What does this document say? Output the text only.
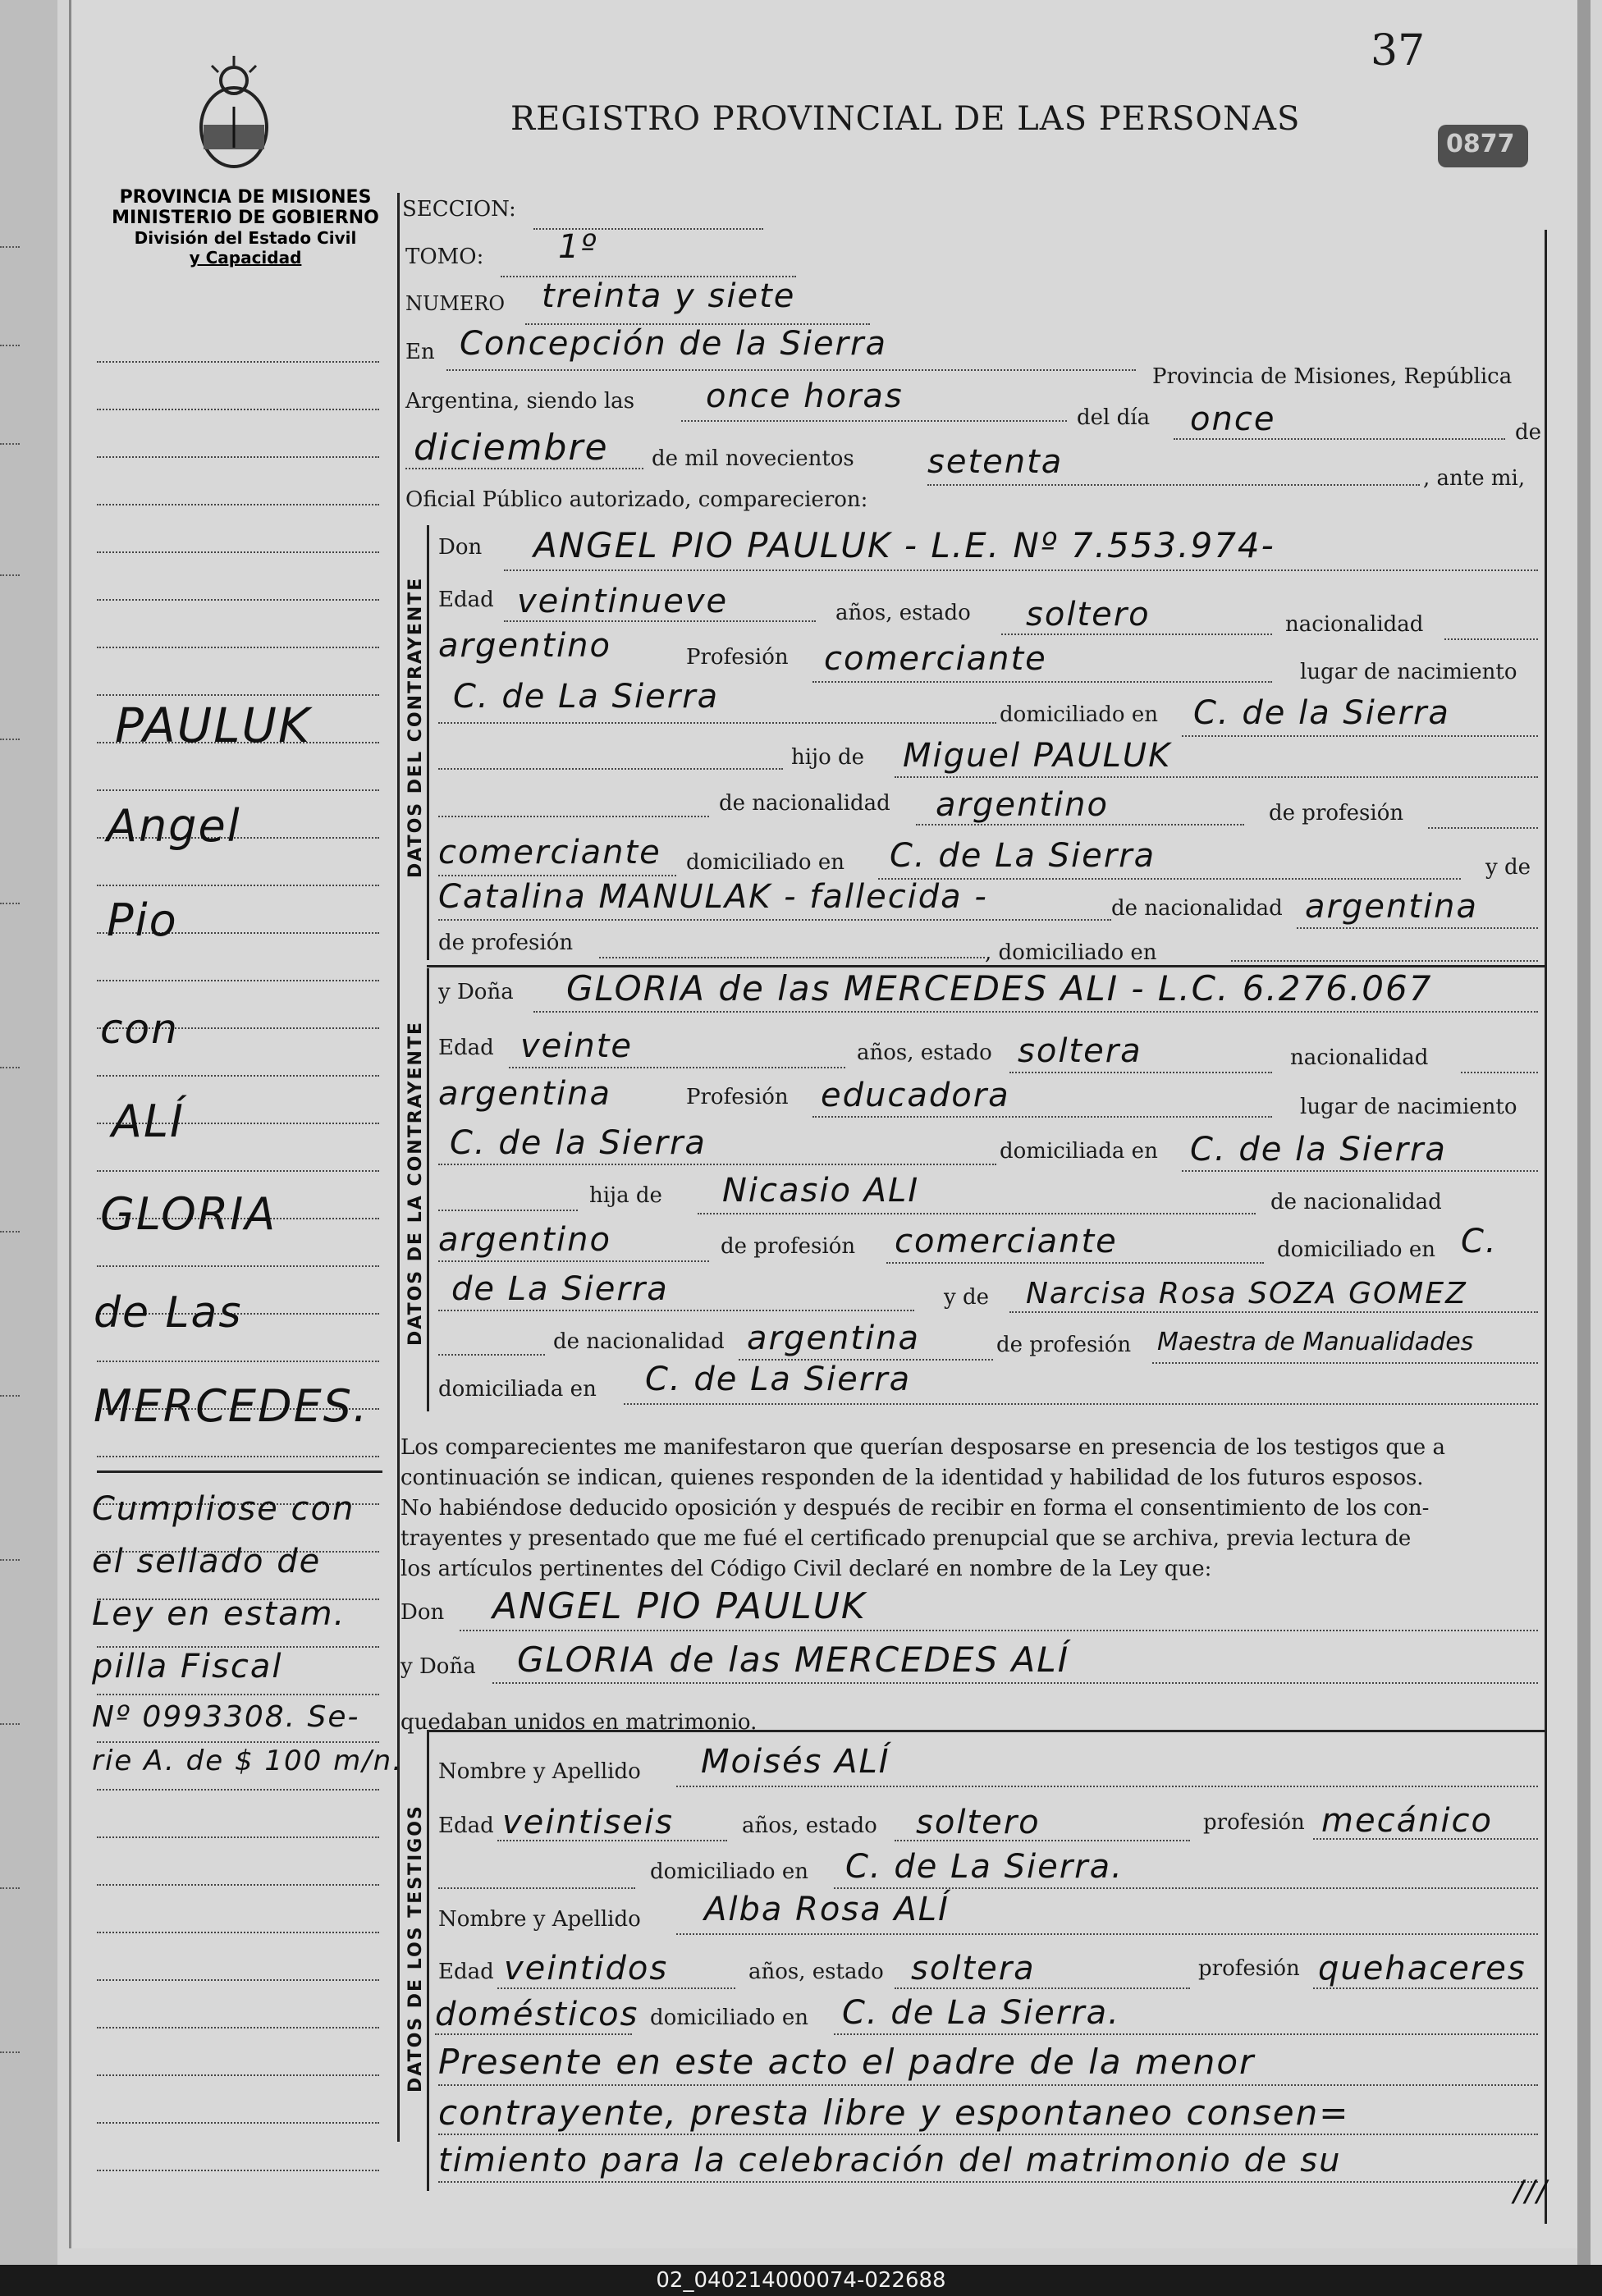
37
REGISTRO PROVINCIAL DE LAS PERSONAS
0877
PROVINCIA DE MISIONES
MINISTERIO DE GOBIERNO
División del Estado Civil
y Capacidad
PAULUK
Angel
Pio
con
ALÍ
GLORIA
de Las
MERCEDES.
Cumpliose con
el sellado de
Ley en estam.
pilla Fiscal
Nº 0993308. Se-
rie A. de $ 100 m/n.
DATOS DEL CONTRAYENTE
DATOS DE LA CONTRAYENTE
DATOS DE LOS TESTIGOS
SECCION:
TOMO: 1º
NUMERO treinta y siete
En Concepción de la Sierra
Provincia de Misiones, República
Argentina, siendo las once horas
del día once	de
diciembre de mil novecientos setenta	, ante mi,
Oficial Público autorizado, comparecieron:
Don ANGEL PIO PAULUK - L.E. Nº 7.553.974-
Edad veintinueve	años, estado soltero	nacionalidad
argentino	Profesión comerciante	lugar de nacimiento
C. de La Sierra	domiciliado en C. de la Sierra
hijo de Miguel PAULUK
de nacionalidad argentino	de profesión
comerciante domiciliado en C. de La Sierra	y de
Catalina MANULAK - fallecida -	de nacionalidad argentina
de profesión	, domiciliado en
y Doña GLORIA de las MERCEDES ALI - L.C. 6.276.067
Edad veinte	años, estado soltera	nacionalidad
argentina	Profesión educadora	lugar de nacimiento
C. de la Sierra	domiciliada en C. de la Sierra
hija de Nicasio ALI	de nacionalidad
argentino	de profesión comerciante	domiciliado en C.
de La Sierra	y de Narcisa Rosa SOZA GOMEZ
de nacionalidad argentina	de profesión Maestra de Manualidades
domiciliada en C. de La Sierra
Los comparecientes me manifestaron que querían desposarse en presencia de los testigos que a
continuación se indican, quienes responden de la identidad y habilidad de los futuros esposos.
No habiéndose deducido oposición y después de recibir en forma el consentimiento de los con-
trayentes y presentado que me fué el certificado prenupcial que se archiva, previa lectura de
los artículos pertinentes del Código Civil declaré en nombre de la Ley que:
Don ANGEL PIO PAULUK
y Doña GLORIA de las MERCEDES ALÍ
quedaban unidos en matrimonio.
Nombre y Apellido Moisés ALÍ
Edad veintiseis	años, estado soltero	profesión mecánico
domiciliado en C. de La Sierra.
Nombre y Apellido Alba Rosa ALÍ
Edad veintidos	años, estado soltera	profesión quehaceres
domésticos domiciliado en C. de La Sierra.
Presente en este acto el padre de la menor
contrayente, presta libre y espontaneo consen=
timiento para la celebración del matrimonio de su
///
02_040214000074-022688
